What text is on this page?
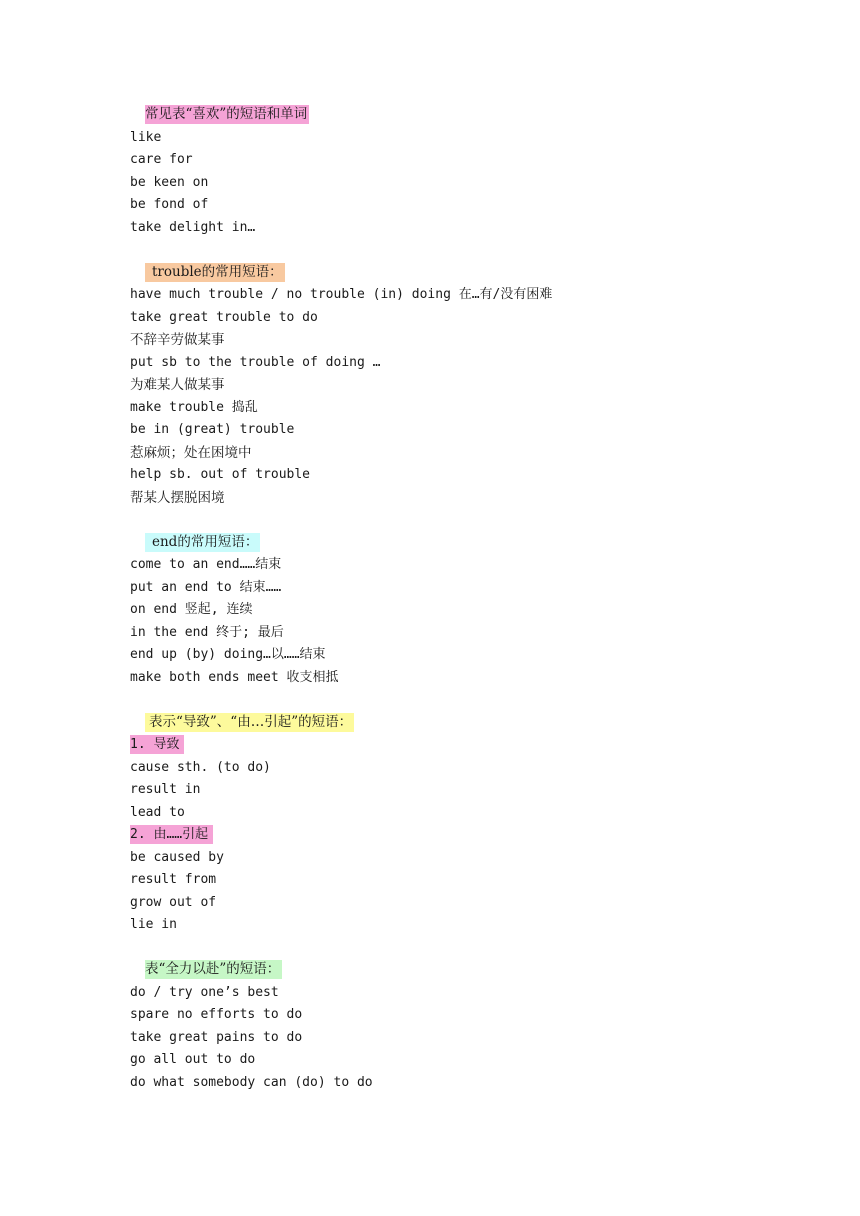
常见表“喜欢”的短语和单词
like
care for
be keen on
be fond of
take delight in…
trouble的常用短语：
have much trouble / no trouble (in) doing 在…有/没有困难
take great trouble to do
不辞辛劳做某事
put sb to the trouble of doing …
为难某人做某事
make trouble 捣乱
be in (great) trouble
惹麻烦；处在困境中
help sb. out of trouble
帮某人摆脱困境
end的常用短语：
come to an end……结束
put an end to 结束……
on end 竖起, 连续
in the end 终于; 最后
end up (by) doing…以……结束
make both ends meet 收支相抵
表示“导致”、“由…引起”的短语：
1. 导致
cause sth. (to do)
result in
lead to
2. 由……引起
be caused by
result from
grow out of
lie in
表“全力以赴”的短语：
do / try one’s best
spare no efforts to do
take great pains to do
go all out to do
do what somebody can (do) to do
